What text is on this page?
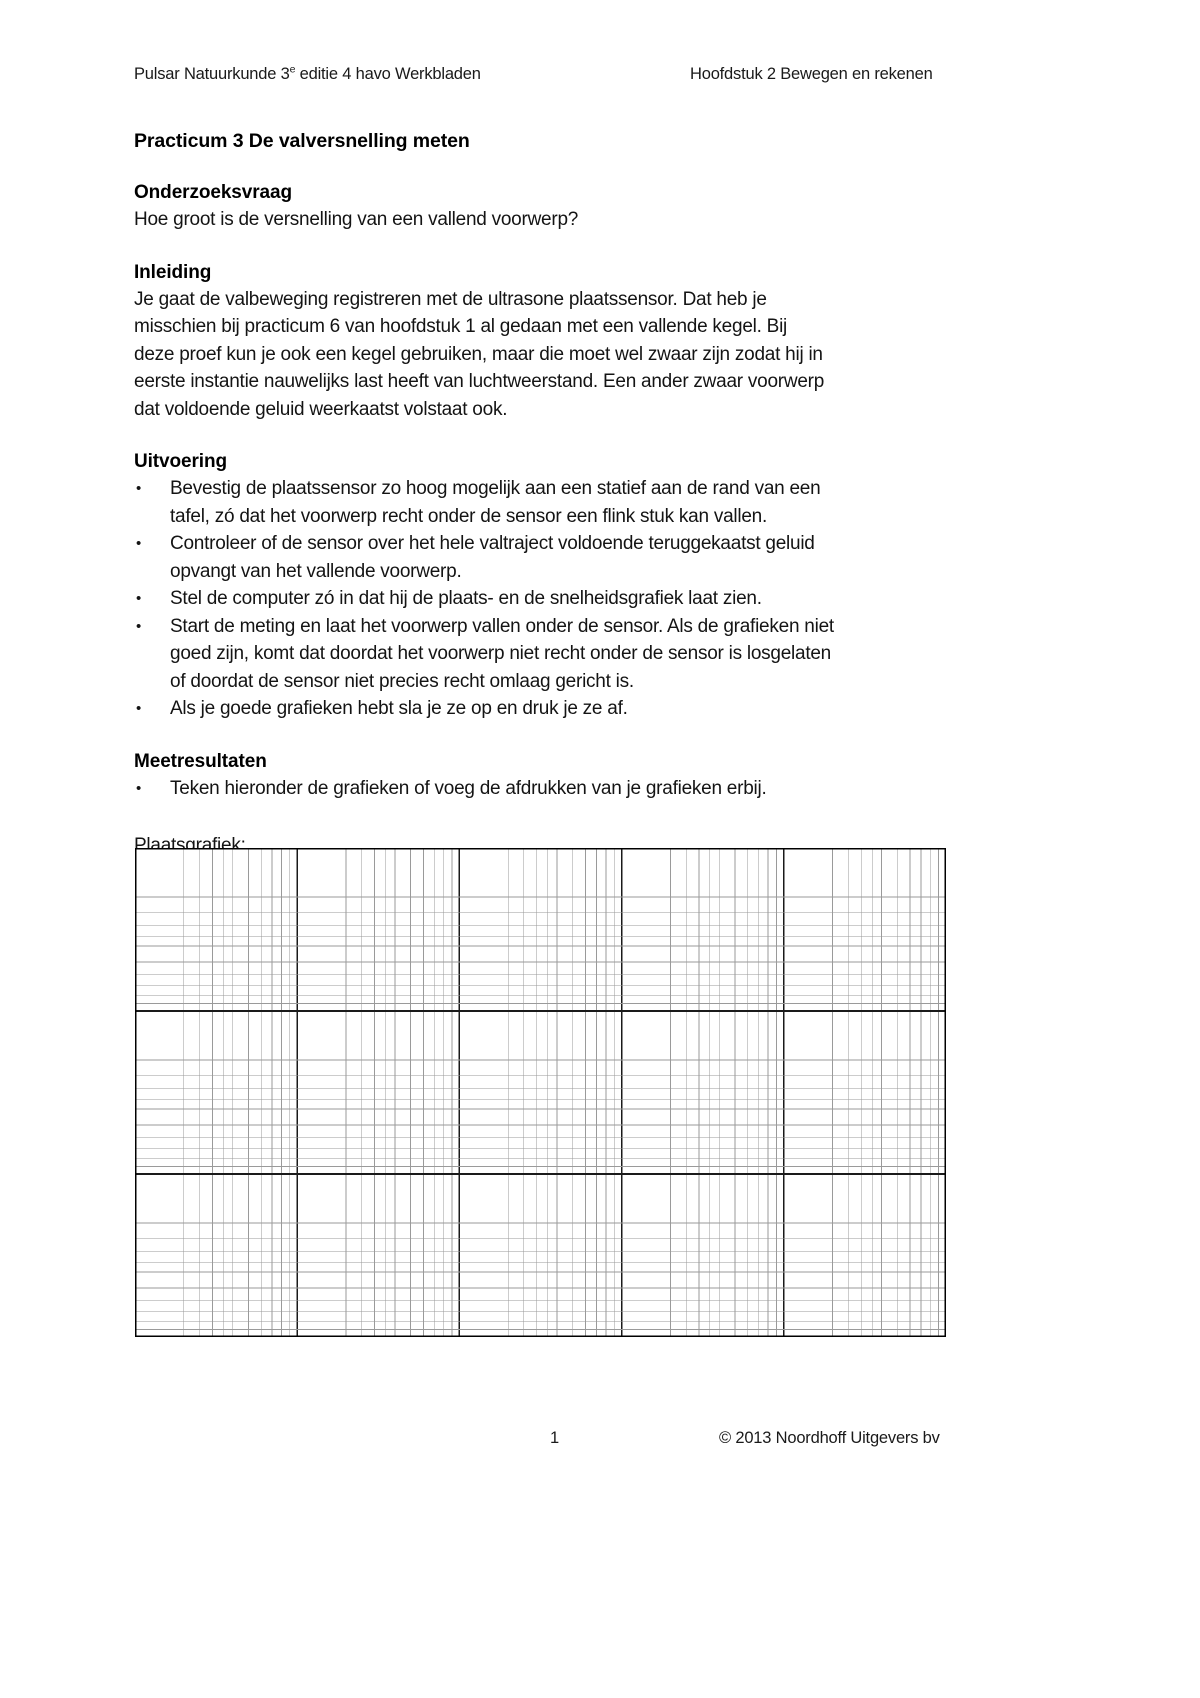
Pulsar Natuurkunde 3e editie 4 havo Werkbladen	Hoofdstuk 2 Bewegen en rekenen
Practicum 3 De valversnelling meten
Onderzoeksvraag

Hoe groot is de versnelling van een vallend voorwerp?

Inleiding

Je gaat de valbeweging registreren met de ultrasone plaatssensor. Dat heb je

misschien bij practicum 6 van hoofdstuk 1 al gedaan met een vallende kegel. Bij

deze proef kun je ook een kegel gebruiken, maar die moet wel zwaar zijn zodat hij in

eerste instantie nauwelijks last heeft van luchtweerstand. Een ander zwaar voorwerp

dat voldoende geluid weerkaatst volstaat ook.

Uitvoering
• Bevestig de plaatssensor zo hoog mogelijk aan een statief aan de rand van een
tafel, zó dat het voorwerp recht onder de sensor een flink stuk kan vallen.
• Controleer of de sensor over het hele valtraject voldoende teruggekaatst geluid
opvangt van het vallende voorwerp.
• Stel de computer zó in dat hij de plaats- en de snelheidsgrafiek laat zien.
• Start de meting en laat het voorwerp vallen onder de sensor. Als de grafieken niet
goed zijn, komt dat doordat het voorwerp niet recht onder de sensor is losgelaten
of doordat de sensor niet precies recht omlaag gericht is.
• Als je goede grafieken hebt sla je ze op en druk je ze af.
Meetresultaten
• Teken hieronder de grafieken of voeg de afdrukken van je grafieken erbij.

Plaatsgrafiek:

1	© 2013 Noordhoff Uitgevers bv
